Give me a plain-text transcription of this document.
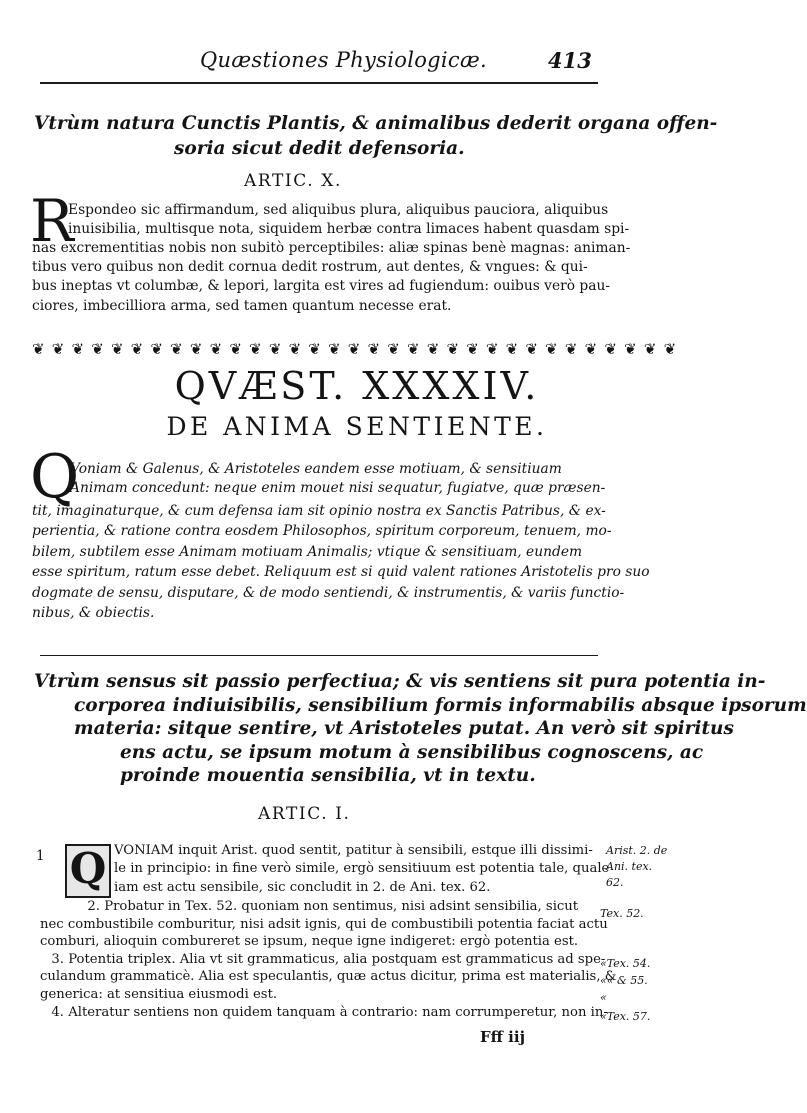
Quæstiones Physiologicæ.	413
Vtrùm natura Cunctis Plantis, & animalibus dederit organa offen-
soria sicut dedit defensoria.
ARTIC. X.
R
Espondeo sic affirmandum, sed aliquibus plura, aliquibus pauciora, aliquibus
inuisibilia, multisque nota, siquidem herbæ contra limaces habent quasdam spi-
nas excrementitias nobis non subitò perceptibiles: aliæ spinas benè magnas: animan-
tibus vero quibus non dedit cornua dedit rostrum, aut dentes, & vngues: & qui-
bus ineptas vt columbæ, & lepori, largita est vires ad fugiendum: ouibus verò pau-
ciores, imbecilliora arma, sed tamen quantum necesse erat.
❦ ❦ ❦ ❦ ❦ ❦ ❦ ❦ ❦ ❦ ❦ ❦ ❦ ❦ ❦ ❦ ❦ ❦ ❦ ❦ ❦ ❦ ❦ ❦ ❦ ❦ ❦ ❦ ❦ ❦ ❦ ❦ ❦
QVÆST. XXXXIV.
DE ANIMA SENTIENTE.
Q
Voniam & Galenus, & Aristoteles eandem esse motiuam, & sensitiuam
Animam concedunt: neque enim mouet nisi sequatur, fugiatve, quæ præsen-
tit, imaginaturque, & cum defensa iam sit opinio nostra ex Sanctis Patribus, & ex-
perientia, & ratione contra eosdem Philosophos, spiritum corporeum, tenuem, mo-
bilem, subtilem esse Animam motiuam Animalis; vtique & sensitiuam, eundem
esse spiritum, ratum esse debet. Reliquum est si quid valent rationes Aristotelis pro suo
dogmate de sensu, disputare, & de modo sentiendi, & instrumentis, & variis functio-
nibus, & obiectis.
Vtrùm sensus sit passio perfectiua; & vis sentiens sit pura potentia in-
corporea indiuisibilis, sensibilium formis informabilis absque ipsorum
materia: sitque sentire, vt Aristoteles putat. An verò sit spiritus
ens actu, se ipsum motum à sensibilibus cognoscens, ac
proinde mouentia sensibilia, vt in textu.
ARTIC. I.
1 Q VONIAM inquit Arist. quod sentit, patitur à sensibili, estque illi dissimi-
le in principio: in fine verò simile, ergò sensitiuum est potentia tale, quale
iam est actu sensibile, sic concludit in 2. de Ani. tex. 62.
2. Probatur in Tex. 52. quoniam non sentimus, nisi adsint sensibilia, sicut
nec combustibile comburitur, nisi adsit ignis, qui de combustibili potentia faciat actu
comburi, alioquin combureret se ipsum, neque igne indigeret: ergò potentia est.
3. Potentia triplex. Alia vt sit grammaticus, alia postquam est grammaticus ad spe-
culandum grammaticè. Alia est speculantis, quæ actus dicitur, prima est materialis, &
generica: at sensitiua eiusmodi est.
4. Alteratur sentiens non quidem tanquam à contrario: nam corrumperetur, non in-
Fff iij
Arist. 2. de
Ani. tex.
62.
Tex. 52.
«Tex. 54.
«« & 55.
«
«Tex. 57.
